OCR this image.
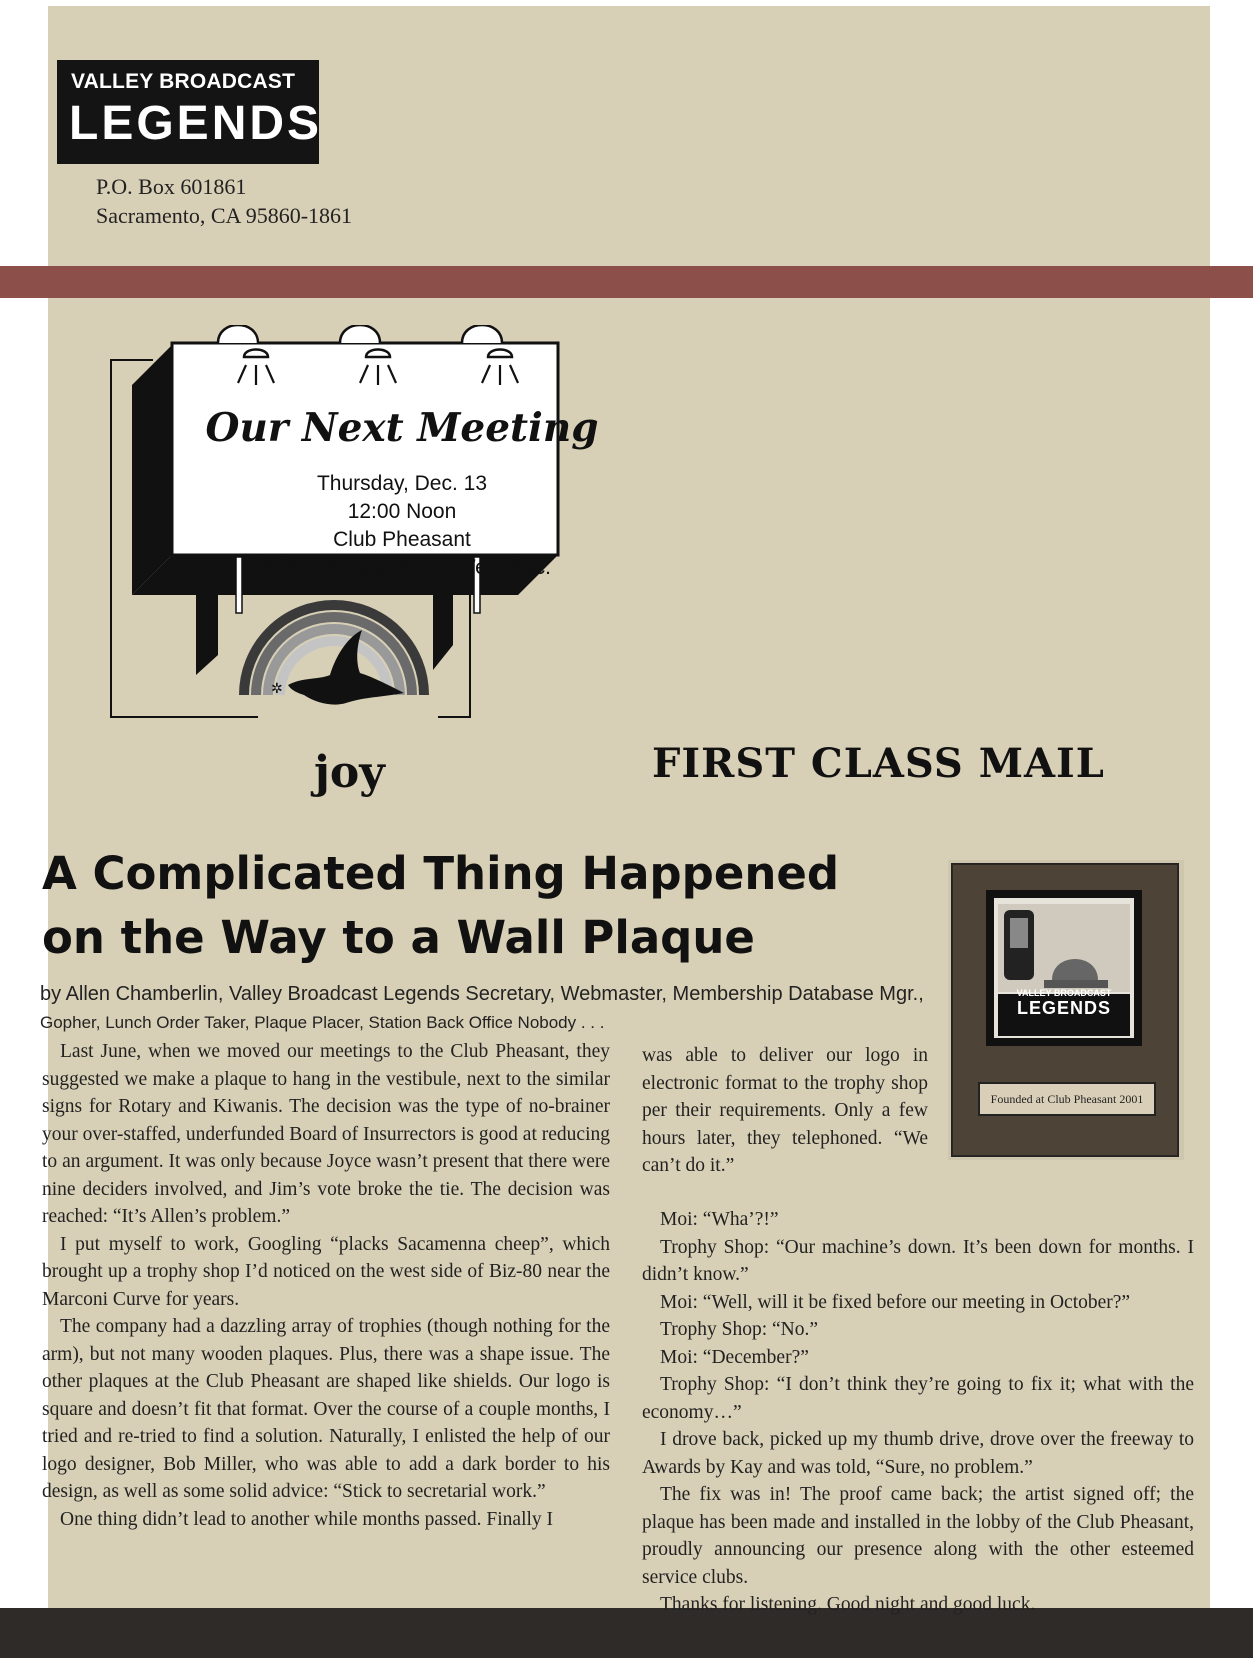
VALLEY BROADCAST
LEGENDS
P.O. Box 601861
Sacramento, CA 95860-1861
✲
Our Next Meeting
Thursday, Dec. 13
12:00 Noon
Club Pheasant
2525 Jefferson Blvd., West Sac.
joy	FIRST CLASS MAIL
A Complicated Thing Happened
on the Way to a Wall Plaque
by Allen Chamberlin, Valley Broadcast Legends Secretary, Webmaster, Membership Database Mgr.,
Gopher, Lunch Order Taker, Plaque Placer, Station Back Office Nobody . . .
VALLEY BROADCAST
LEGENDS
Founded at Club Pheasant 2001

Last June, when we moved our meetings to the Club Pheasant, they suggested we make a plaque to hang in the vestibule, next to the similar signs for Rotary and Kiwanis. The decision was the type of no-brainer your over-staffed, underfunded Board of Insurrectors is good at reducing to an argument. It was only because Joyce wasn’t present that there were nine deciders involved, and Jim’s vote broke the tie. The decision was reached: “It’s Allen’s problem.”

I put myself to work, Googling “placks Sacamenna cheep”, which brought up a trophy shop I’d noticed on the west side of Biz-80 near the Marconi Curve for years.

The company had a dazzling array of trophies (though nothing for the arm), but not many wooden plaques. Plus, there was a shape issue. The other plaques at the Club Pheasant are shaped like shields. Our logo is square and doesn’t fit that format. Over the course of a couple months, I tried and re-tried to find a solution. Naturally, I enlisted the help of our logo designer, Bob Miller, who was able to add a dark border to his design, as well as some solid advice: “Stick to secretarial work.”

One thing didn’t lead to another while months passed. Finally I

was able to deliver our logo in electronic format to the trophy shop per their requirements. Only a few hours later, they telephoned. “We can’t do it.”

Moi: “Wha’?!”

Trophy Shop: “Our machine’s down. It’s been down for months. I didn’t know.”

Moi: “Well, will it be fixed before our meeting in October?”

Trophy Shop: “No.”

Moi: “December?”

Trophy Shop: “I don’t think they’re going to fix it; what with the economy…”

I drove back, picked up my thumb drive, drove over the freeway to Awards by Kay and was told, “Sure, no problem.”

The fix was in! The proof came back; the artist signed off; the plaque has been made and installed in the lobby of the Club Pheasant, proudly announcing our presence along with the other esteemed service clubs.

Thanks for listening. Good night and good luck.
